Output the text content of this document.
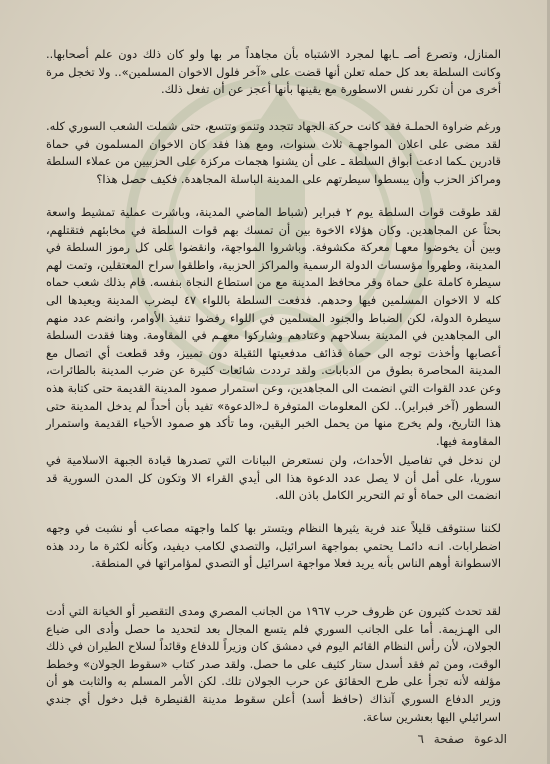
المنازل، وتصرع أصـ ـابها لمجرد الاشتباه بأن مجاهداً مر بها ولو كان ذلك دون علم أصحابها.. وكانت السلطة بعد كل حمله تعلن أنها قضت على «آخر فلول الاخوان المسلمين».. ولا تخجل مرة أخرى من أن تكرر نفس الاسطورة مع يقينها بأنها أعجز عن أن تفعل ذلك.

ورغم ضراوة الحملـة فقد كانت حركة الجهاد تتجدد وتنمو وتتسع، حتى شملت الشعب السوري كله. لقد مضى على اعلان المواجهـة ثلاث سنوات، ومع هذا فقد كان الاخوان المسلمون في حماة قادرين ـكما ادعت أبواق السلطة ـ على أن يشنوا هجمات مركزة على الحزبيين من عملاء السلطة ومراكز الحزب وأن يبسطوا سيطرتهم على المدينة الباسلة المجاهدة. فكيف حصل هذا؟

لقد طوقت قوات السلطة يوم ٢ فبراير (شباط الماضي المدينة، وباشرت عملية تمشيط واسعة بحثاً عن المجاهدين. وكان هؤلاء الاخوة بين أن تمسك بهم قوات السلطة في مخابئهم فتقتلهم، وبين أن يخوضوا معهـا معركة مكشوفة. وباشروا المواجهة، وانقضوا على كل رموز السلطة في المدينة، وطهروا مؤسسات الدولة الرسمية والمراكز الحزبية، واطلقوا سراح المعتقلين، وتمت لهم سيطرة كاملة على حماة وقر محافظ المدينة مع من استطاع النجاة بنفسه. قام بذلك شعب حماه كله لا الاخوان المسلمين فيها وحدهم. فدفعت السلطة باللواء ٤٧ ليضرب المدينة ويعيدها الى سيطرة الدولة، لكن الضباط والجنود المسلمين في اللواء رفضوا تنفيذ الأوامر، وانضم عدد منهم الى المجاهدين في المدينة بسلاحهم وعتادهم وشاركوا معهـم في المقاومة. وهنا فقدت السلطة أعصابها وأخذت توجه الى حماة قذائف مدفعيتها الثقيلة دون تمييز، وقد قطعت أي اتصال مع المدينة المحاصرة بطوق من الدبابات. ولقد ترددت شائعات كثيرة عن ضرب المدينة بالطائرات، وعن عدد القوات التي انضمت الى المجاهدين، وعن استمرار صمود المدينة القديمة حتى كتابة هذه السطور (آخر فبراير).. لكن المعلومات المتوفرة لـ«الدعوة» تفيد بأن أحداً لم يدخل المدينة حتى هذا التاريخ، ولم يخرج منها من يحمل الخبر اليقين، وما تأكد هو صمود الأحياء القديمة واستمرار المقاومة فيها.

لن ندخل في تفاصيل الأحداث، ولن نستعرض البيانات التي تصدرها قيادة الجبهة الاسلامية في سوريا، على أمل أن لا يصل عدد الدعوة هذا الى أيدي القراء الا وتكون كل المدن السورية قد انضمت الى حماة أو تم التحرير الكامل باذن الله.

لكننا سنتوقف قليلاً عند فرية يثيرها النظام ويتستر بها كلما واجهته مصاعب أو نشبت في وجهه اضطرابات. انـه دائمـا يحتمي بمواجهة اسرائيل، والتصدي لكامب ديفيد، وكأنه لكثرة ما ردد هذه الاسطوانة أوهم الناس بأنه يريد فعلا مواجهة اسرائيل أو التصدي لمؤامراتها في المنطقة.

لقد تحدث كثيرون عن ظروف حرب ١٩٦٧ من الجانب المصري ومدى التقصير أو الخيانة التي أدت الى الهـزيمة. أما على الجانب السوري فلم يتسع المجال بعد لتحديد ما حصل وأدى الى ضياع الجولان، لأن رأس النظام القائم اليوم في دمشق كان وزيراً للدفاع وقائداً لسلاح الطيران في ذلك الوقت، ومن ثم فقد أسدل ستار كثيف على ما حصل. ولقد صدر كتاب «سقوط الجولان» وخطط مؤلفه لأنه تجرأ على طرح الحقائق عن حرب الجولان تلك. لكن الأمر المسلم به والثابت هو أن وزير الدفاع السوري آنذاك (حافظ أسد) أعلن سقوط مدينة القنيطرة قبل دخول أي جندي اسرائيلي اليها بعشرين ساعة.

الدعوة صفحة ٦
